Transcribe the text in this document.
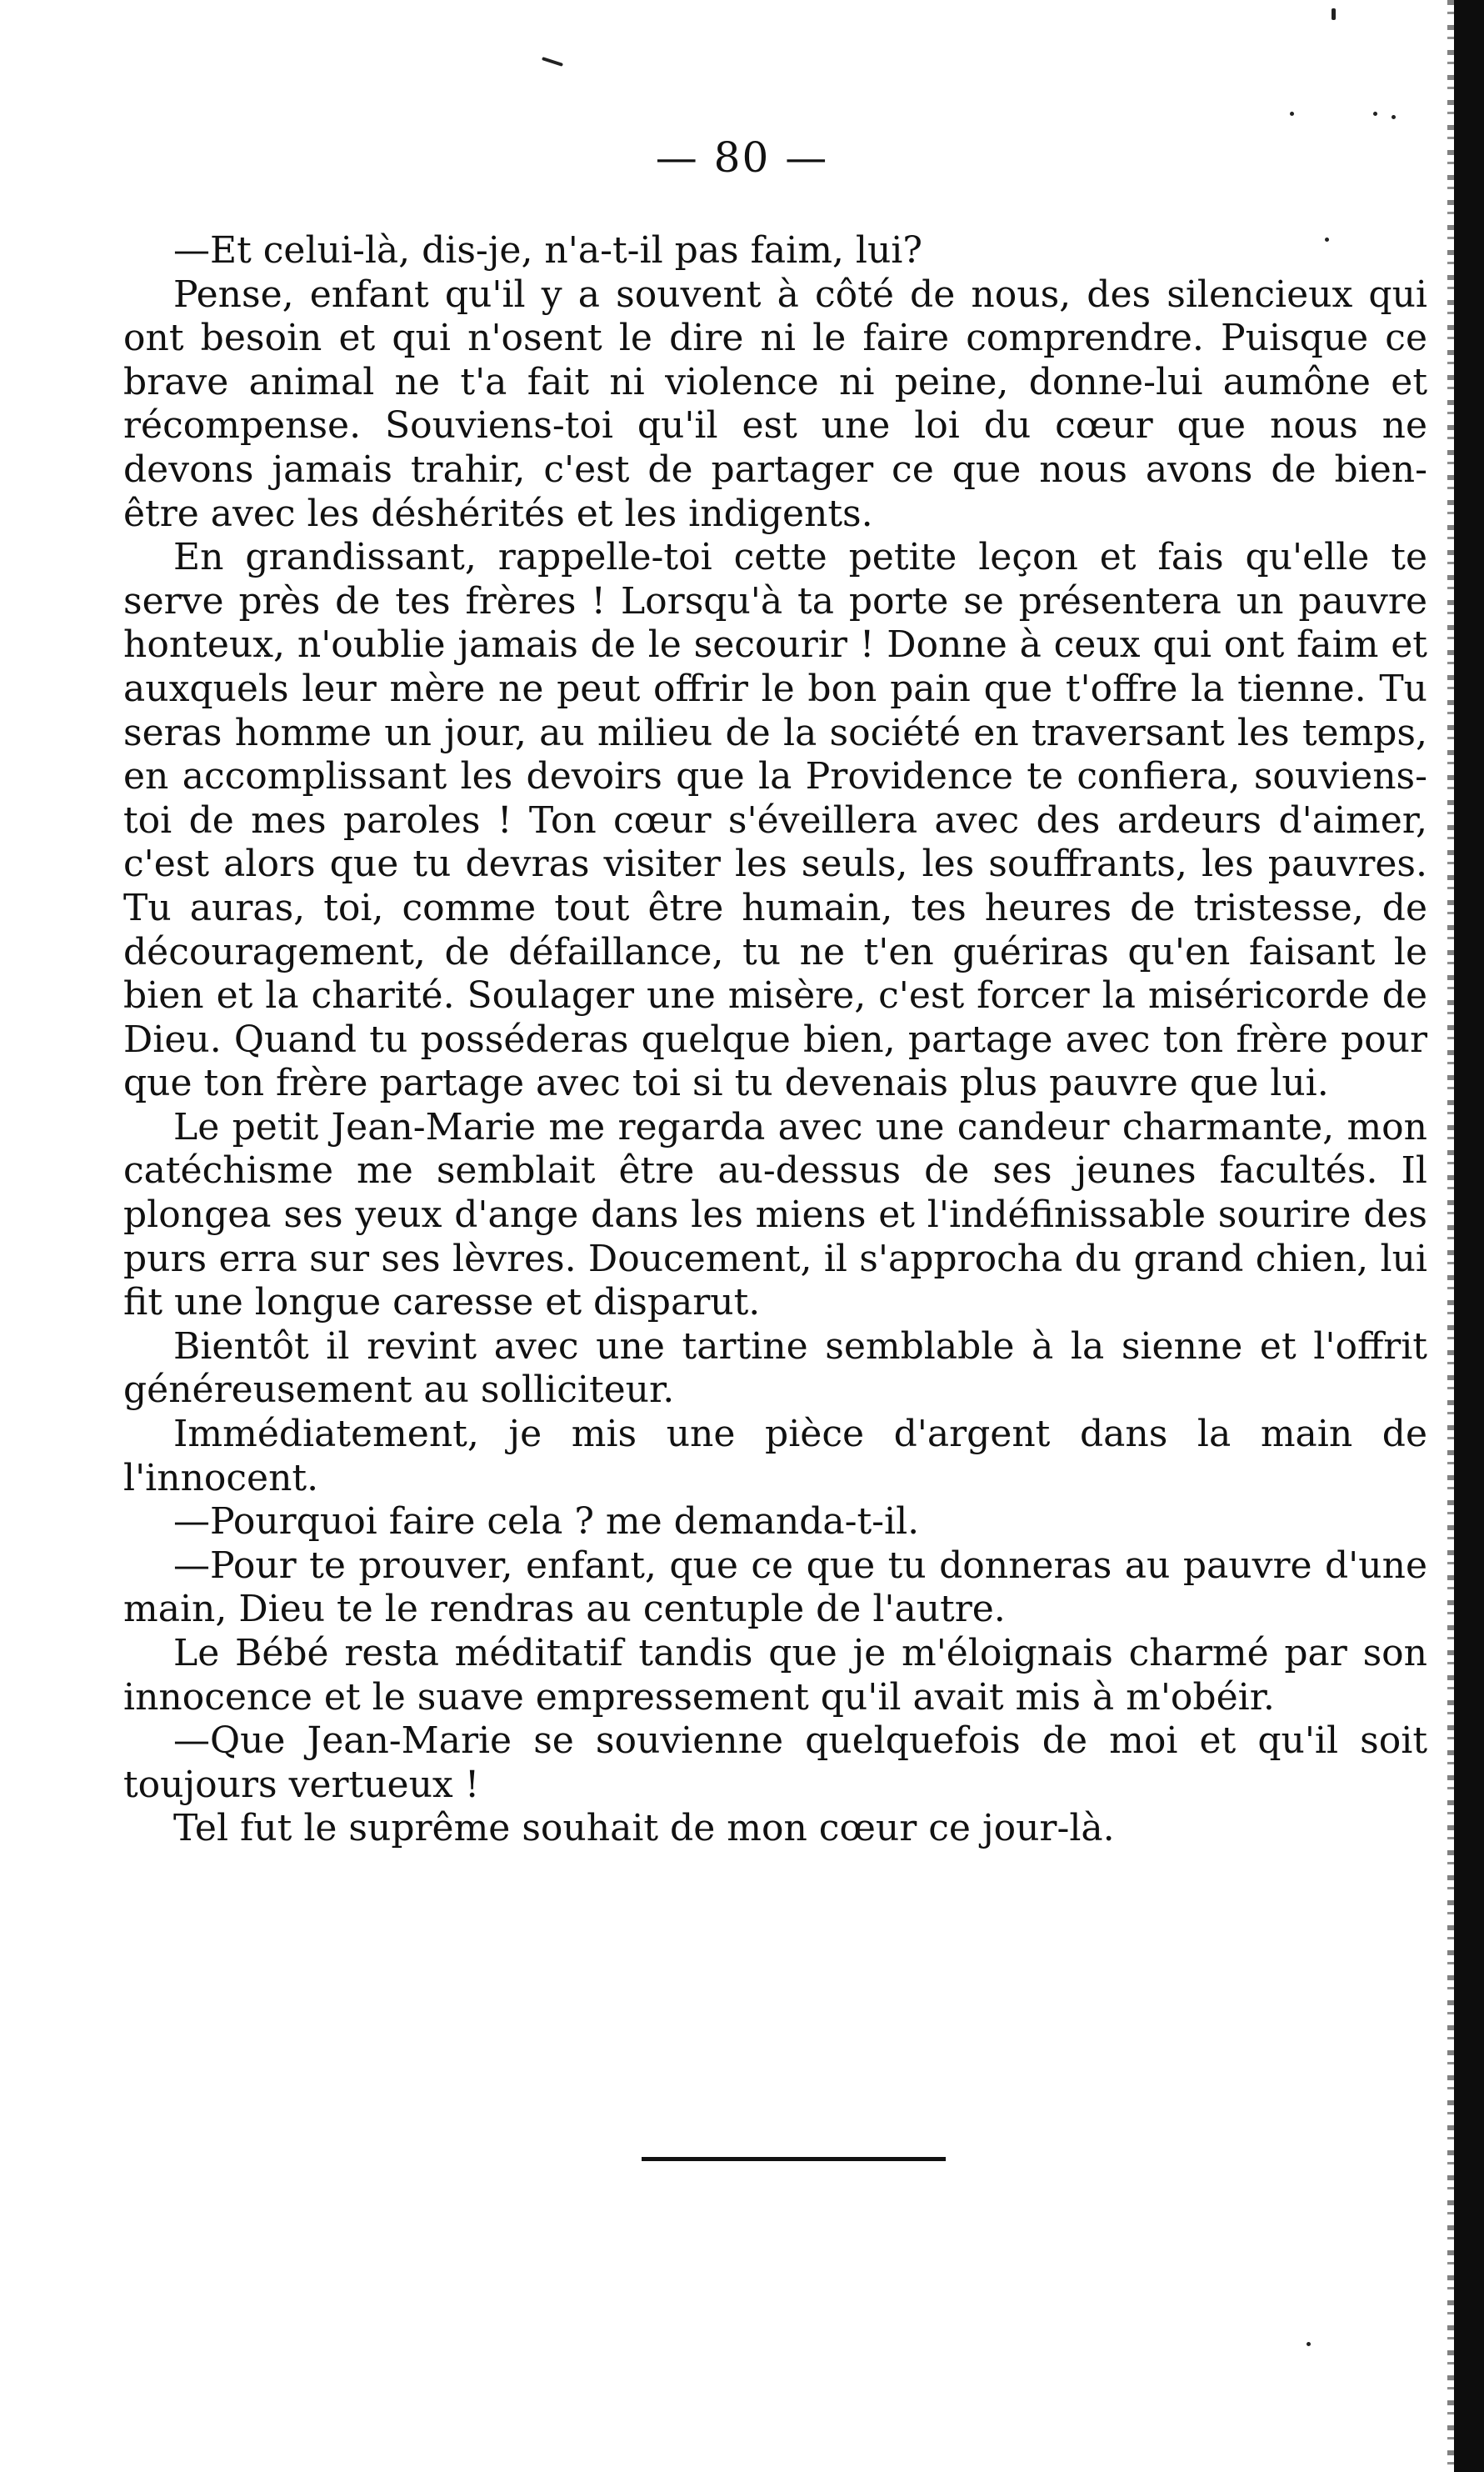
— 80 —

—Et celui-là, dis-je, n'a-t-il pas faim, lui?

Pense, enfant qu'il y a souvent à côté de nous, des silencieux qui ont besoin et qui n'osent le dire ni le faire comprendre. Puisque ce brave animal ne t'a fait ni violence ni peine, donne-lui aumône et récompense. Souviens-toi qu'il est une loi du cœur que nous ne devons jamais trahir, c'est de partager ce que nous avons de bien-être avec les déshérités et les indigents.

En grandissant, rappelle-toi cette petite leçon et fais qu'elle te serve près de tes frères ! Lorsqu'à ta porte se présentera un pauvre honteux, n'oublie jamais de le secourir ! Donne à ceux qui ont faim et auxquels leur mère ne peut offrir le bon pain que t'offre la tienne. Tu seras homme un jour, au milieu de la société en traversant les temps, en accomplissant les devoirs que la Providence te confiera, souviens-toi de mes paroles ! Ton cœur s'éveillera avec des ardeurs d'aimer, c'est alors que tu devras visiter les seuls, les souffrants, les pauvres. Tu auras, toi, comme tout être humain, tes heures de tristesse, de découragement, de défaillance, tu ne t'en guériras qu'en faisant le bien et la charité. Soulager une misère, c'est forcer la miséricorde de Dieu. Quand tu posséderas quelque bien, partage avec ton frère pour que ton frère partage avec toi si tu devenais plus pauvre que lui.

Le petit Jean-Marie me regarda avec une candeur charmante, mon catéchisme me semblait être au-dessus de ses jeunes facultés. Il plongea ses yeux d'ange dans les miens et l'indéfinissable sourire des purs erra sur ses lèvres. Doucement, il s'approcha du grand chien, lui fit une longue caresse et disparut.

Bientôt il revint avec une tartine semblable à la sienne et l'offrit généreusement au solliciteur.

Immédiatement, je mis une pièce d'argent dans la main de l'innocent.

—Pourquoi faire cela ? me demanda-t-il.

—Pour te prouver, enfant, que ce que tu donneras au pauvre d'une main, Dieu te le rendras au centuple de l'autre.

Le Bébé resta méditatif tandis que je m'éloignais charmé par son innocence et le suave empressement qu'il avait mis à m'obéir.

—Que Jean-Marie se souvienne quelquefois de moi et qu'il soit toujours vertueux !

Tel fut le suprême souhait de mon cœur ce jour-là.
